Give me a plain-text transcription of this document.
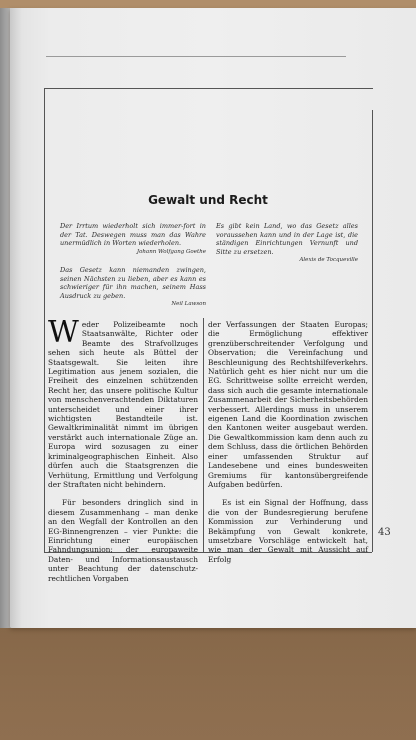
Gewalt und Recht
Der Irrtum wiederholt sich immer-fort in der Tat. Deswegen muss man das Wahre unermüdlich in Worten wiederholen.
Johann Wolfgang Goethe
Es gibt kein Land, wo das Gesetz alles voraussehen kann und in der Lage ist, die ständigen Einrichtungen Vernunft und Sitte zu ersetzen.
Alexis de Tocqueville
Das Gesetz kann niemanden zwingen, seinen Nächsten zu lieben, aber es kann es schwieriger für ihn machen, seinem Hass Ausdruck zu geben.
Neil Lawson

Weder Polizeibeamte noch Staatsanwälte, Richter oder Beamte des Strafvollzuges sehen sich heute als Büttel der Staatsgewalt. Sie leiten ihre Legitimation aus jenem sozialen, die Freiheit des einzelnen schützenden Recht her, das unsere politische Kultur von menschenverachtenden Diktaturen unterscheidet und einer ihrer wichtigsten Bestandteile ist. Gewaltkriminalität nimmt im übrigen verstärkt auch internationale Züge an. Europa wird sozusagen zu einer kriminalgeographischen Einheit. Also dürfen auch die Staatsgrenzen die Verhütung, Ermittlung und Verfolgung der Straftaten nicht behindern.

Für besonders dringlich sind in diesem Zusammenhang – man denke an den Wegfall der Kontrollen an den EG-Binnengrenzen – vier Punkte: die Einrichtung einer europäischen Fahndungsunion; der europaweite Daten- und Informationsaustausch unter Beachtung der datenschutz-rechtlichen Vorgaben

der Verfassungen der Staaten Europas; die Ermöglichung effektiver grenzüberschreitender Verfolgung und Observation; die Vereinfachung und Beschleunigung des Rechtshilfeverkehrs. Natürlich geht es hier nicht nur um die EG. Schrittweise sollte erreicht werden, dass sich auch die gesamte internationale Zusammenarbeit der Sicherheitsbehörden verbessert. Allerdings muss in unserem eigenen Land die Koordination zwischen den Kantonen weiter ausgebaut werden. Die Gewaltkommission kam denn auch zu dem Schluss, dass die örtlichen Behörden einer umfassenden Struktur auf Landesebene und eines bundesweiten Gremiums für kantonsübergreifende Aufgaben bedürfen.

Es ist ein Signal der Hoffnung, dass die von der Bundesregierung berufene Kommission zur Verhinderung und Bekämpfung von Gewalt konkrete, umsetzbare Vorschläge entwickelt hat, wie man der Gewalt mit Aussicht auf Erfolg

43
